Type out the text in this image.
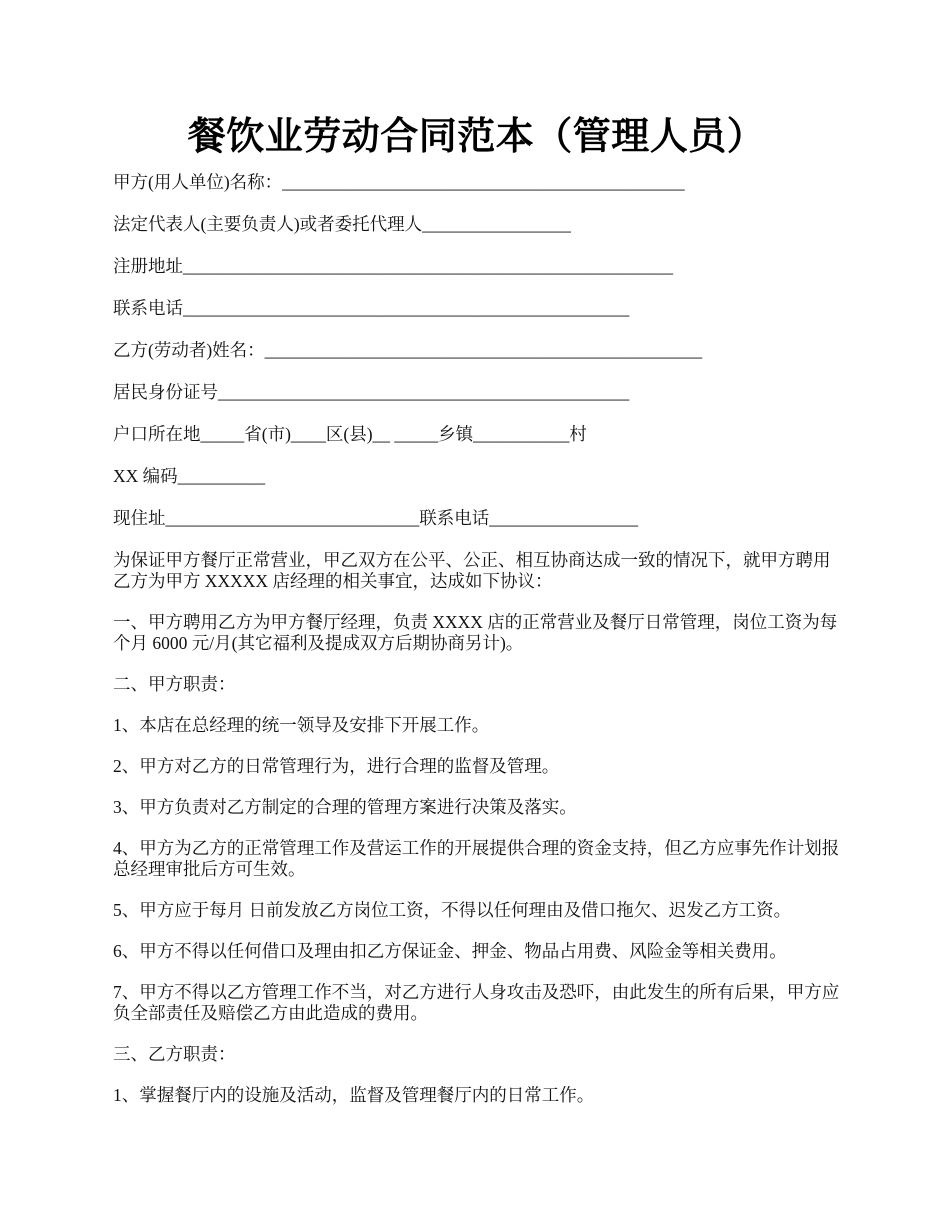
餐饮业劳动合同范本（管理人员）

甲方(用人单位)名称：______________________________________________

法定代表人(主要负责人)或者委托代理人_________________

注册地址________________________________________________________

联系电话___________________________________________________

乙方(劳动者)姓名：__________________________________________________

居民身份证号_______________________________________________

户口所在地_____省(市)____区(县)__ _____乡镇___________村

XX 编码__________

现住址_____________________________联系电话_________________

为保证甲方餐厅正常营业，甲乙双方在公平、公正、相互协商达成一致的情况下，就甲方聘用乙方为甲方 XXXXX 店经理的相关事宜，达成如下协议：

一、甲方聘用乙方为甲方餐厅经理，负责 XXXX 店的正常营业及餐厅日常管理，岗位工资为每个月 6000 元/月(其它福利及提成双方后期协商另计)。

二、甲方职责：

1、本店在总经理的统一领导及安排下开展工作。

2、甲方对乙方的日常管理行为，进行合理的监督及管理。

3、甲方负责对乙方制定的合理的管理方案进行决策及落实。

4、甲方为乙方的正常管理工作及营运工作的开展提供合理的资金支持，但乙方应事先作计划报总经理审批后方可生效。

5、甲方应于每月 日前发放乙方岗位工资，不得以任何理由及借口拖欠、迟发乙方工资。

6、甲方不得以任何借口及理由扣乙方保证金、押金、物品占用费、风险金等相关费用。

7、甲方不得以乙方管理工作不当，对乙方进行人身攻击及恐吓，由此发生的所有后果，甲方应负全部责任及赔偿乙方由此造成的费用。

三、乙方职责：

1、掌握餐厅内的设施及活动，监督及管理餐厅内的日常工作。
